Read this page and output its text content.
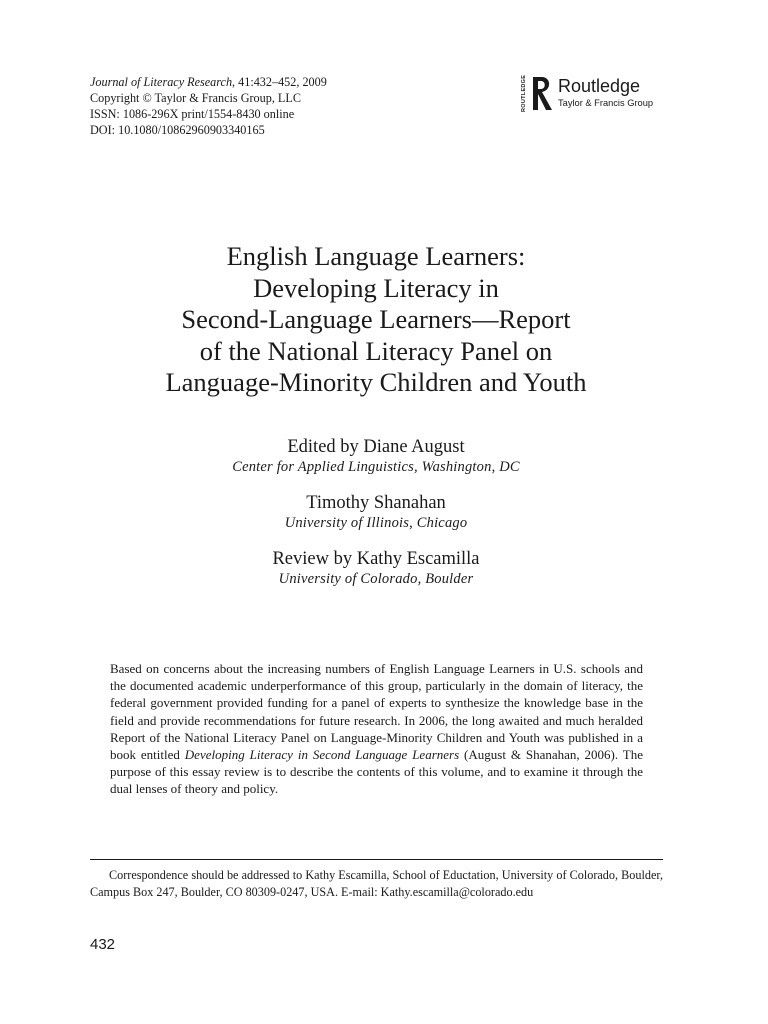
Journal of Literacy Research, 41:432–452, 2009
Copyright © Taylor & Francis Group, LLC
ISSN: 1086-296X print/1554-8430 online
DOI: 10.1080/10862960903340165
ROUTLEDGE Routledge
Taylor & Francis Group
English Language Learners:
Developing Literacy in
Second-Language Learners—Report
of the National Literacy Panel on
Language-Minority Children and Youth
Edited by Diane August
Center for Applied Linguistics, Washington, DC
Timothy Shanahan
University of Illinois, Chicago
Review by Kathy Escamilla
University of Colorado, Boulder

Based on concerns about the increasing numbers of English Language Learners in U.S. schools and the documented academic underperformance of this group, particularly in the domain of literacy, the federal government provided funding for a panel of experts to synthesize the knowledge base in the field and provide recommendations for future research. In 2006, the long awaited and much heralded Report of the National Literacy Panel on Language-Minority Children and Youth was published in a book entitled Developing Literacy in Second Language Learners (August & Shanahan, 2006). The purpose of this essay review is to describe the contents of this volume, and to examine it through the dual lenses of theory and policy.

Correspondence should be addressed to Kathy Escamilla, School of Eductation, University of Colorado, Boulder, Campus Box 247, Boulder, CO 80309-0247, USA. E-mail: Kathy.escamilla@colorado.edu

432
